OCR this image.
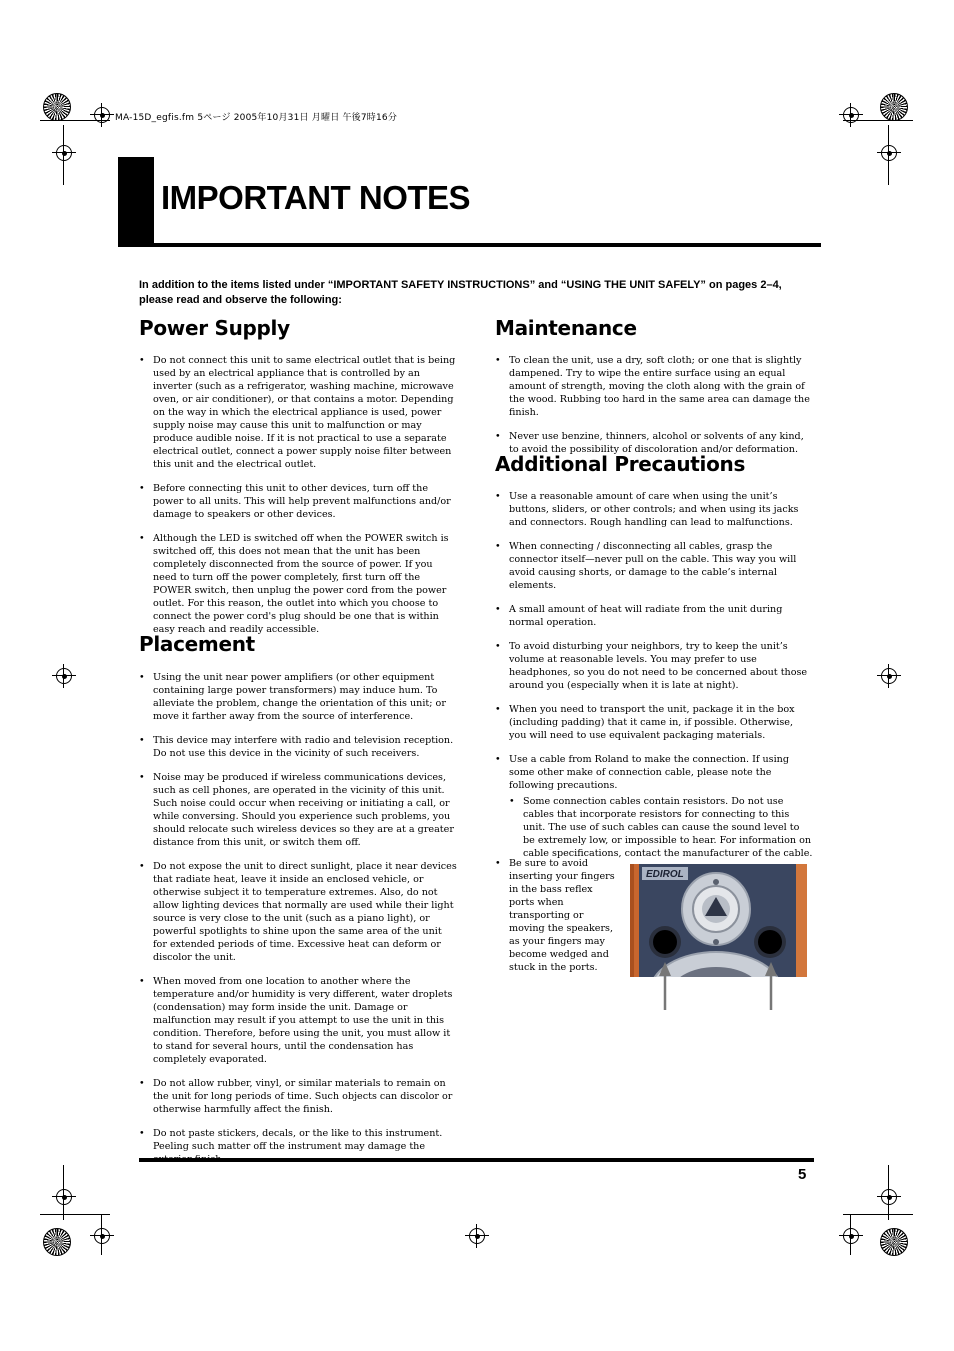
MA-15D_egfis.fm 5ページ 2005年10月31日 月曜日 午後7時16分
IMPORTANT NOTES
In addition to the items listed under “IMPORTANT SAFETY INSTRUCTIONS” and “USING THE UNIT SAFELY” on pages 2–4, please read and observe the following:
Power Supply
• Do not connect this unit to same electrical outlet that is being used by an electrical appliance that is controlled by an inverter (such as a refrigerator, washing machine, microwave oven, or air conditioner), or that contains a motor. Depending on the way in which the electrical appliance is used, power supply noise may cause this unit to malfunction or may produce audible noise. If it is not practical to use a separate electrical outlet, connect a power supply noise filter between this unit and the electrical outlet.
• Before connecting this unit to other devices, turn off the power to all units. This will help prevent malfunctions and/or damage to speakers or other devices.
• Although the LED is switched off when the POWER switch is switched off, this does not mean that the unit has been completely disconnected from the source of power. If you need to turn off the power completely, first turn off the POWER switch, then unplug the power cord from the power outlet. For this reason, the outlet into which you choose to connect the power cord's plug should be one that is within easy reach and readily accessible.
Placement
• Using the unit near power amplifiers (or other equipment containing large power transformers) may induce hum. To alleviate the problem, change the orientation of this unit; or move it farther away from the source of interference.
• This device may interfere with radio and television reception. Do not use this device in the vicinity of such receivers.
• Noise may be produced if wireless communications devices, such as cell phones, are operated in the vicinity of this unit. Such noise could occur when receiving or initiating a call, or while conversing. Should you experience such problems, you should relocate such wireless devices so they are at a greater distance from this unit, or switch them off.
• Do not expose the unit to direct sunlight, place it near devices that radiate heat, leave it inside an enclosed vehicle, or otherwise subject it to temperature extremes. Also, do not allow lighting devices that normally are used while their light source is very close to the unit (such as a piano light), or powerful spotlights to shine upon the same area of the unit for extended periods of time. Excessive heat can deform or discolor the unit.
• When moved from one location to another where the temperature and/or humidity is very different, water droplets (condensation) may form inside the unit. Damage or malfunction may result if you attempt to use the unit in this condition. Therefore, before using the unit, you must allow it to stand for several hours, until the condensation has completely evaporated.
• Do not allow rubber, vinyl, or similar materials to remain on the unit for long periods of time. Such objects can discolor or otherwise harmfully affect the finish.
• Do not paste stickers, decals, or the like to this instrument. Peeling such matter off the instrument may damage the
Maintenance
• To clean the unit, use a dry, soft cloth; or one that is slightly dampened. Try to wipe the entire surface using an equal amount of strength, moving the cloth along with the grain of the wood. Rubbing too hard in the same area can damage the finish.
• Never use benzine, thinners, alcohol or solvents of any kind, to avoid the possibility of discoloration and/or deformation.
Additional Precautions
• Use a reasonable amount of care when using the unit’s buttons, sliders, or other controls; and when using its jacks and connectors. Rough handling can lead to malfunctions.
• When connecting / disconnecting all cables, grasp the connector itself—never pull on the cable. This way you will avoid causing shorts, or damage to the cable’s internal elements.
• A small amount of heat will radiate from the unit during normal operation.
• To avoid disturbing your neighbors, try to keep the unit’s volume at reasonable levels. You may prefer to use headphones, so you do not need to be concerned about those around you (especially when it is late at night).
• When you need to transport the unit, package it in the box (including padding) that it came in, if possible. Otherwise, you will need to use equivalent packaging materials.
• Use a cable from Roland to make the connection. If using some other make of connection cable, please note the following precautions.
• Some connection cables contain resistors. Do not use cables that incorporate resistors for connecting to this unit. The use of such cables can cause the sound level to be extremely low, or impossible to hear. For information on cable specifications, contact the manufacturer of the cable.
• Be sure to avoid inserting your fingers in the bass reflex ports when transporting or moving the speakers, as your fingers may become wedged and stuck in the ports.
EDIROL
5
